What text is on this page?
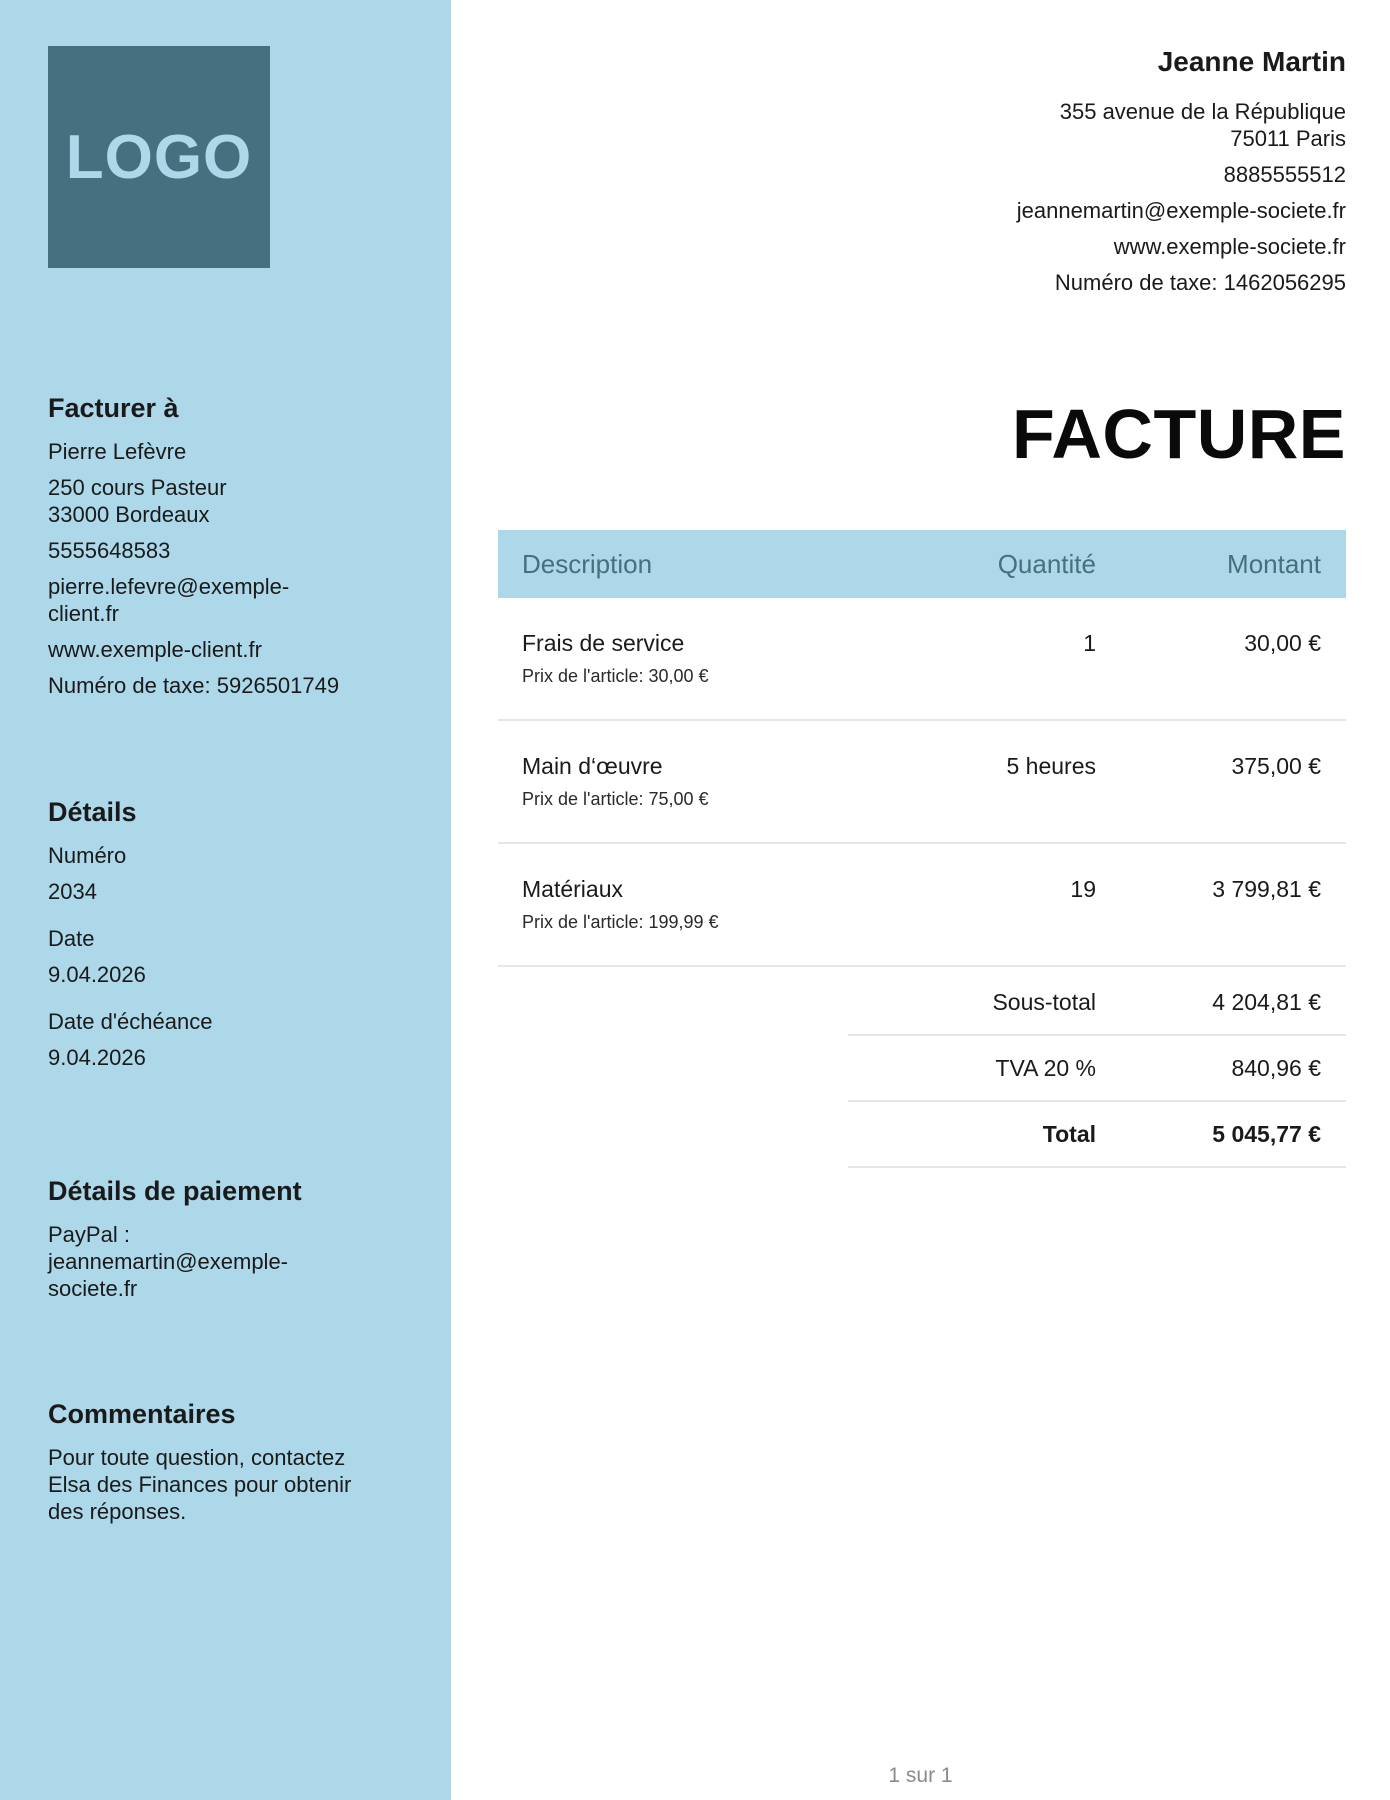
LOGO
Facturer à
Pierre Lefèvre
250 cours Pasteur
33000 Bordeaux
5555648583
pierre.lefevre@exemple-
client.fr
www.exemple-client.fr
Numéro de taxe: 5926501749
Détails
Numéro
2034
Date
9.04.2026
Date d'échéance
9.04.2026
Détails de paiement
PayPal :
jeannemartin@exemple-
societe.fr
Commentaires
Pour toute question, contactez
Elsa des Finances pour obtenir
des réponses.
Jeanne Martin
355 avenue de la République
75011 Paris
8885555512
jeannemartin@exemple-societe.fr
www.exemple-societe.fr
Numéro de taxe: 1462056295
FACTURE
Description	Quantité	Montant
Frais de service
Prix de l'article: 30,00 €
1	30,00 €
Main d‘œuvre
Prix de l'article: 75,00 €
5 heures	375,00 €
Matériaux
Prix de l'article: 199,99 €
19	3 799,81 €
Sous-total	4 204,81 €
TVA 20 %	840,96 €
Total	5 045,77 €
1 sur 1
